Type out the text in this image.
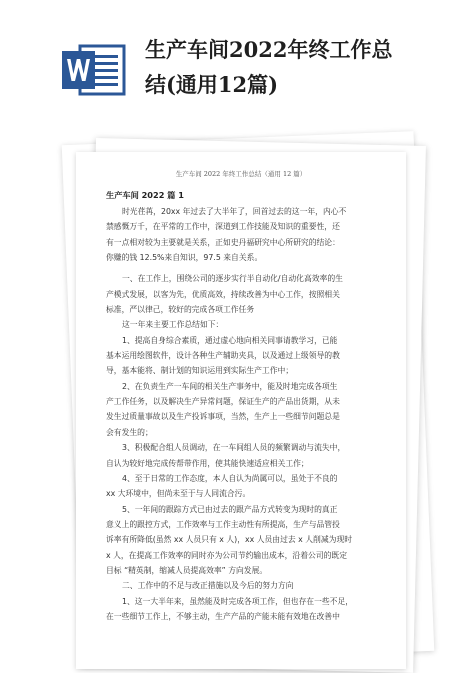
生产车间2022年终工作总
结(通用12篇)
生产车间 2022 年终工作总结（通用 12 篇）
生产车间 2022 篇 1
时光荏苒，20xx 年过去了大半年了，回首过去的这一年，内心不
禁感慨万千，在平常的工作中，深道到工作技能及知识的重要性，还
有一点相对较为主要就是关系，正如史丹福研究中心所研究的结论：
你赚的钱 12.5%来自知识，97.5 来自关系。
一、在工作上，围绕公司的逐步实行半自动化/自动化高效率的生
产模式发展，以客为先，优质高效，持续改善为中心工作，按照相关
标准，严以律己，较好的完成各项工作任务
这一年来主要工作总结如下：
1、提高自身综合素质，通过虚心地向相关同事请教学习，已能
基本运用绘图软件，设计各种生产辅助夹具，以及通过上级领导的教
导，基本能将、制计划的知识运用到实际生产工作中；
2、在负责生产一车间的相关生产事务中，能及时地完成各项生
产工作任务，以及解决生产异常问题，保证生产的产品出货期，从未
发生过质量事故以及生产投诉事项，当然，生产上一些细节问题总是
会有发生的；
3、积极配合组人员调动，在一车间组人员的频繁调动与流失中，
自认为较好地完成传帮带作用，使其能快速适应相关工作；
4、至于日常的工作态度，本人自认为尚属可以，虽处于不良的
xx 大环境中，但尚未至于与人同流合污。
5、一年间的跟踪方式已由过去的跟产品方式转变为现时的真正
意义上的跟控方式，工作效率与工作主动性有所提高，生产与品管投
诉率有所降低(虽然 xx 人员只有 x 人)，xx 人员由过去 x 人削减为现时
x 人，在提高工作效率的同时亦为公司节约输出成本，沿着公司的既定
目标 “精英制，缩减人员提高效率” 方向发展。
二、工作中的不足与改正措施以及今后的努力方向
1、这一大半年来，虽然能及时完成各项工作，但也存在一些不足，
在一些细节工作上，不够主动，生产产品的产能未能有效地在改善中
